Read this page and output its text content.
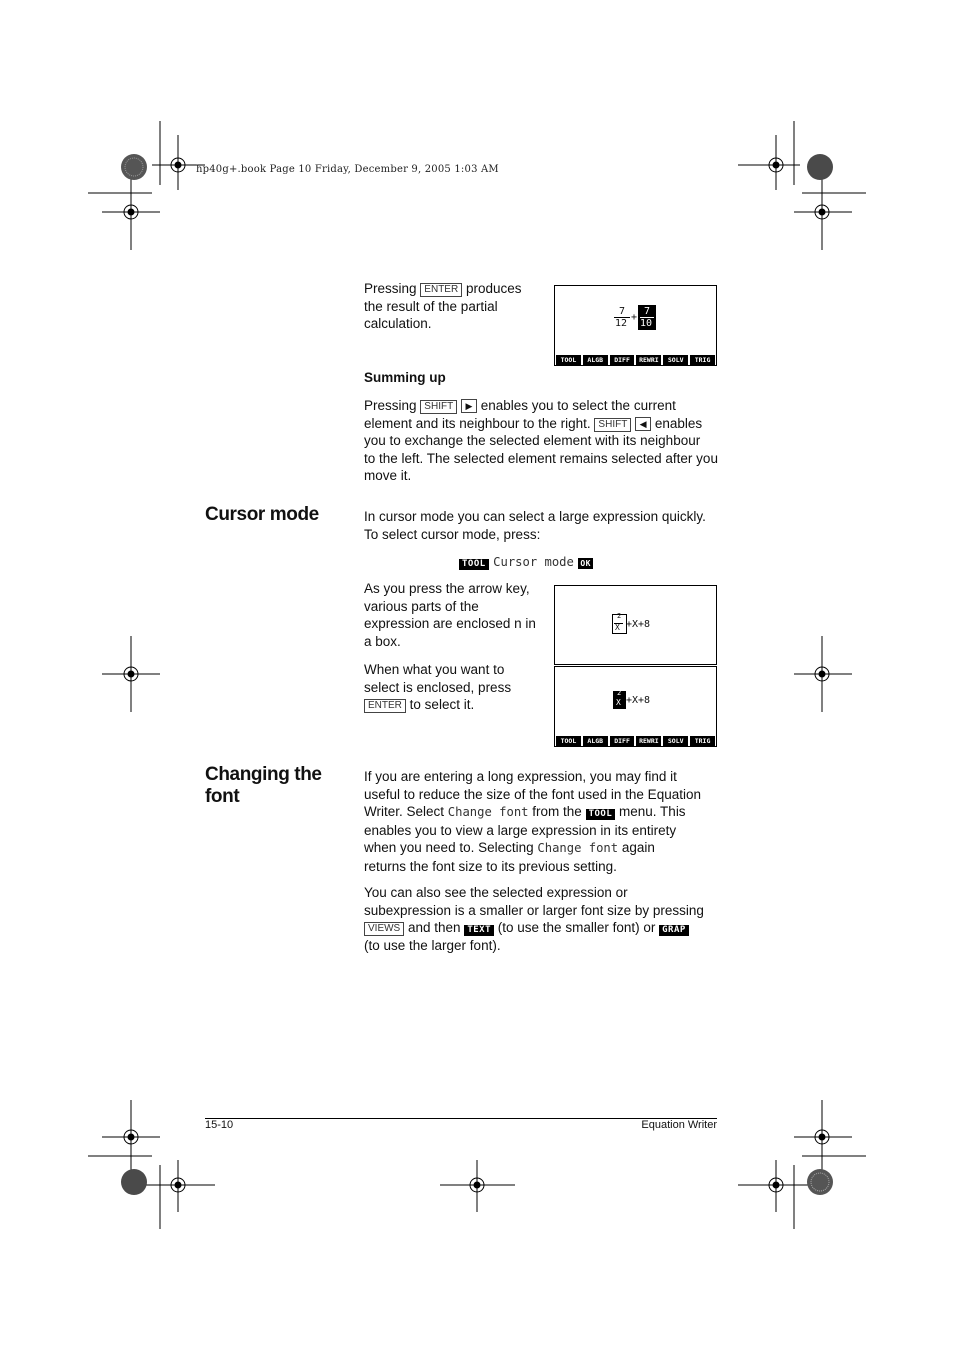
hp40g+.book Page 10 Friday, December 9, 2005 1:03 AM
Pressing ENTER produces
the result of the partial
calculation.
7
12
+
7
10
TOOL	ALGB	DIFF	REWRI	SOLV	TRIG
Summing up
Pressing SHIFT ▶ enables you to select the current
element and its neighbour to the right. SHIFT ◀ enables
you to exchange the selected element with its neighbour
to the left. The selected element remains selected after you
move it.
Cursor mode	In cursor mode you can select a large expression quickly.
To select cursor mode, press:
TOOL Cursor mode OK
As you press the arrow key,
various parts of the
expression are enclosed n in
a box.
When what you want to
select is enclosed, press
ENTER to select it.
2
X +X+8
2
X +X+8
TOOL	ALGB	DIFF	REWRI	SOLV	TRIG
Changing the
font
If you are entering a long expression, you may find it
useful to reduce the size of the font used in the Equation
Writer. Select Change font from the TOOL menu. This
enables you to view a large expression in its entirety
when you need to. Selecting Change font again
returns the font size to its previous setting.
You can also see the selected expression or
subexpression is a smaller or larger font size by pressing
VIEWS and then TEXT (to use the smaller font) or GRAP
(to use the larger font).
15-10	Equation Writer
